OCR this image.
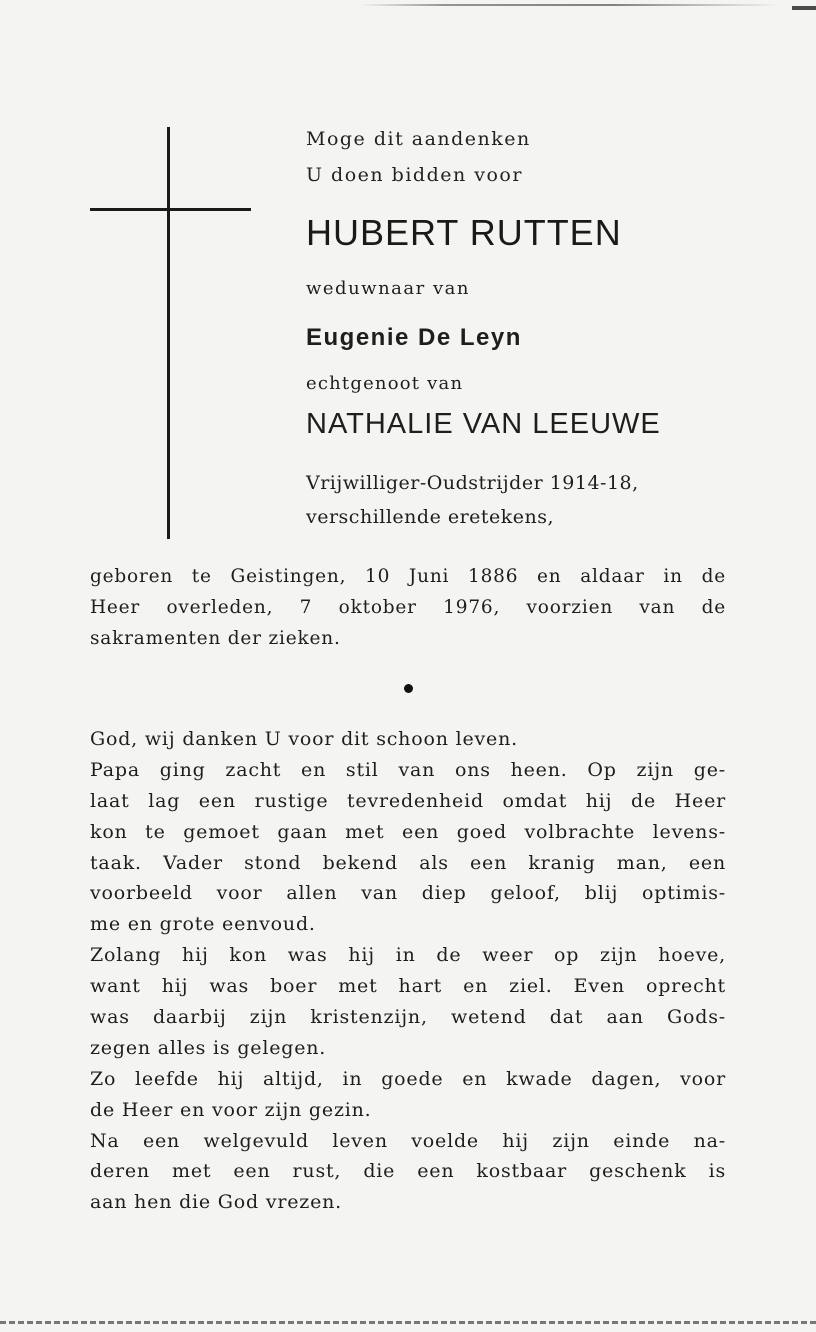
Moge dit aandenken
U doen bidden voor
HUBERT RUTTEN
weduwnaar van
Eugenie De Leyn
echtgenoot van
NATHALIE VAN LEEUWE
Vrijwilliger-Oudstrijder 1914-18,
verschillende eretekens,
geboren te Geistingen, 10 Juni 1886 en aldaar in de
Heer overleden, 7 oktober 1976, voorzien van de
sakramenten der zieken.
God, wij danken U voor dit schoon leven.
Papa ging zacht en stil van ons heen. Op zijn ge-
laat lag een rustige tevredenheid omdat hij de Heer
kon te gemoet gaan met een goed volbrachte levens-
taak. Vader stond bekend als een kranig man, een
voorbeeld voor allen van diep geloof, blij optimis-
me en grote eenvoud.
Zolang hij kon was hij in de weer op zijn hoeve,
want hij was boer met hart en ziel. Even oprecht
was daarbij zijn kristenzijn, wetend dat aan Gods-
zegen alles is gelegen.
Zo leefde hij altijd, in goede en kwade dagen, voor
de Heer en voor zijn gezin.
Na een welgevuld leven voelde hij zijn einde na-
deren met een rust, die een kostbaar geschenk is
aan hen die God vrezen.
